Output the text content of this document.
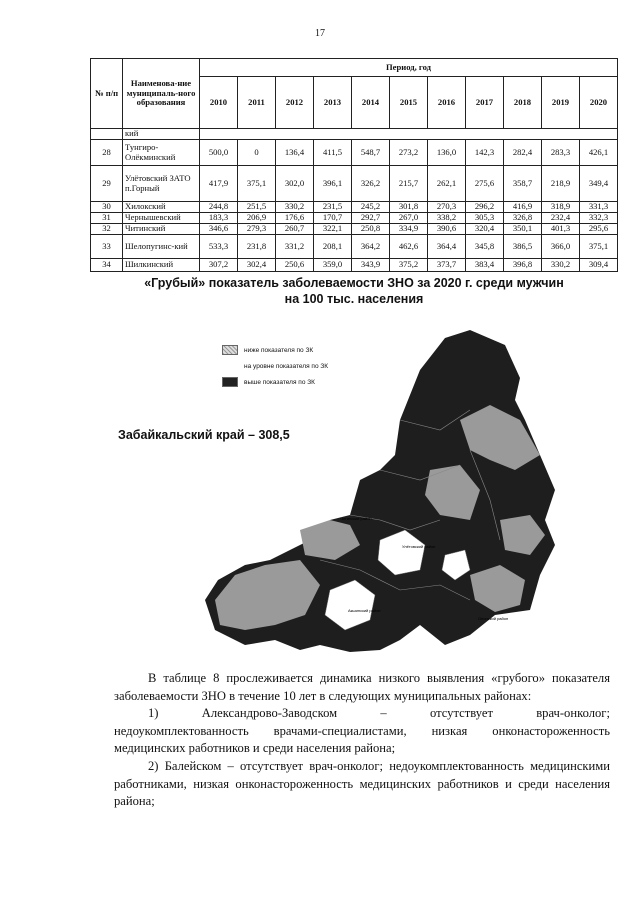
17
№ п/п	Наименова-ние муниципаль-ного образования	Период, год										
		2010	2011	2012	2013	2014	2015	2016	2017	2018	2019	2020
	кий											
28	Тунгиро-Олёкминский	500,0	0	136,4	411,5	548,7	273,2	136,0	142,3	282,4	283,3	426,1
29	Улётовский ЗАТО п.Горный	417,9	375,1	302,0	396,1	326,2	215,7	262,1	275,6	358,7	218,9	349,4
30	Хилокский	244,8	251,5	330,2	231,5	245,2	301,8	270,3	296,2	416,9	318,9	331,3
31	Чернышевский	183,3	206,9	176,6	170,7	292,7	267,0	338,2	305,3	326,8	232,4	332,3
32	Читинский	346,6	279,3	260,7	322,1	250,8	334,9	390,6	320,4	350,1	401,3	295,6
33	Шелопугинс-кий	533,3	231,8	331,2	208,1	364,2	462,6	364,4	345,8	386,5	366,0	375,1
34	Шилкинский	307,2	302,4	250,6	359,0	343,9	375,2	373,7	383,4	396,8	330,2	309,4
«Грубый» показатель заболеваемости ЗНО за 2020 г. среди мужчин
на 100 тыс. населения
Читинский район
Улётовский район
Акшинский район
Ононский район
ниже показателя по ЗК
на уровне показателя по ЗК
выше показателя по ЗК
Забайкальский край – 308,5

В таблице 8 прослеживается динамика низкого выявления «грубого» показателя заболеваемости ЗНО в течение 10 лет в следующих муниципальных районах:

1)	Александрово-Заводском	–	отсутствует	врач-онколог;

недоукомплектованность врачами-специалистами, низкая онконастороженность медицинских работников и среди населения района;

2) Балейском – отсутствует врач-онколог; недоукомплектованность медицинскими работниками, низкая онконастороженность медицинских работников и среди населения района;
